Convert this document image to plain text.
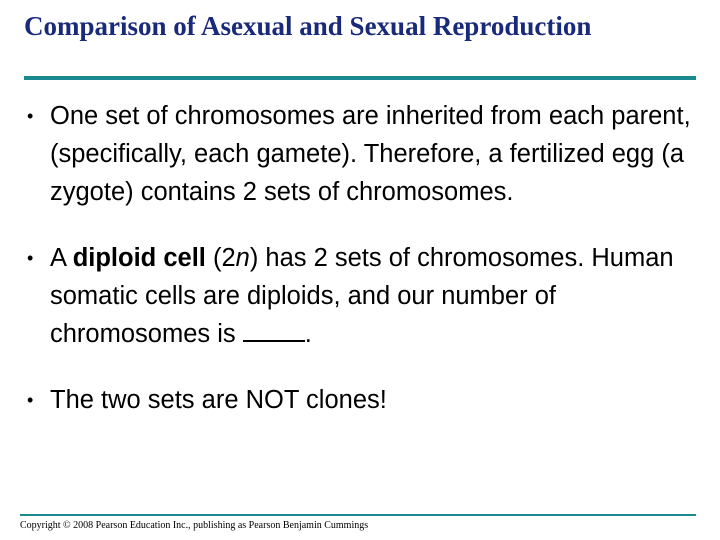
Comparison of Asexual and Sexual Reproduction
• One set of chromosomes are inherited from each parent, (specifically, each gamete). Therefore, a fertilized egg (a zygote) contains 2 sets of chromosomes.
• A diploid cell (2n) has 2 sets of chromosomes. Human somatic cells are diploids, and our number of chromosomes is .
• The two sets are NOT clones!
Copyright © 2008 Pearson Education Inc., publishing as Pearson Benjamin Cummings
